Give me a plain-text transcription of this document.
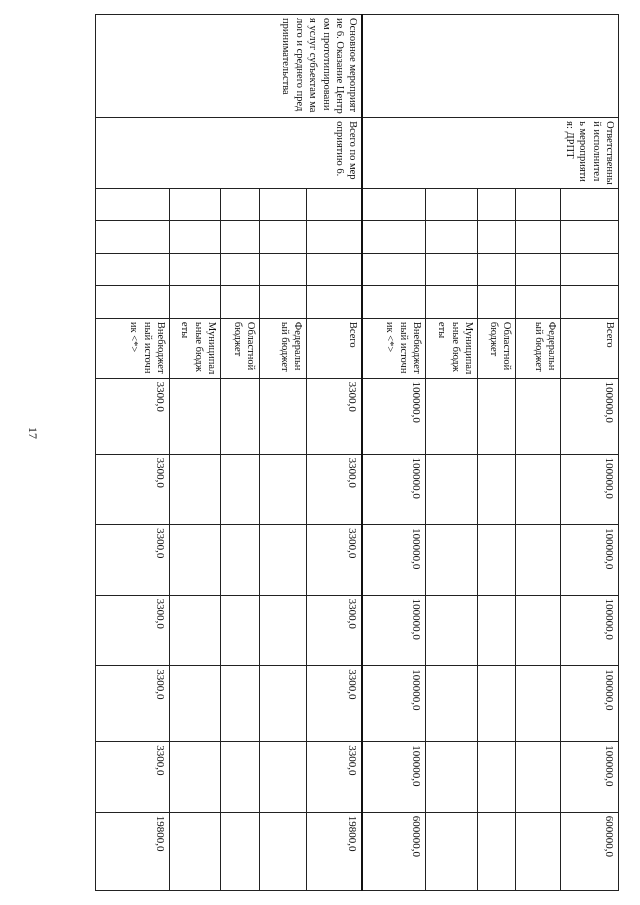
17
	Ответственный исполнитель мероприятия: ДРПТ					Всего	100000,0	100000,0	100000,0	100000,0	100000,0	100000,0	600000,0
						Федеральный бюджет							
						Областной бюджет							
						Муниципальные бюджеты							
						Внебюджетный источник <*>	100000,0	100000,0	100000,0	100000,0	100000,0	100000,0	600000,0
Основное мероприятие 6. Оказание Центром прототипирования услуг субъектам малого и среднего предпринимательства	Всего по мероприятию 6.					Всего	3300,0	3300,0	3300,0	3300,0	3300,0	3300,0	19800,0
						Федеральный бюджет							
						Областной бюджет							
						Муниципальные бюджеты							
						Внебюджетный источник <*>	3300,0	3300,0	3300,0	3300,0	3300,0	3300,0	19800,0
